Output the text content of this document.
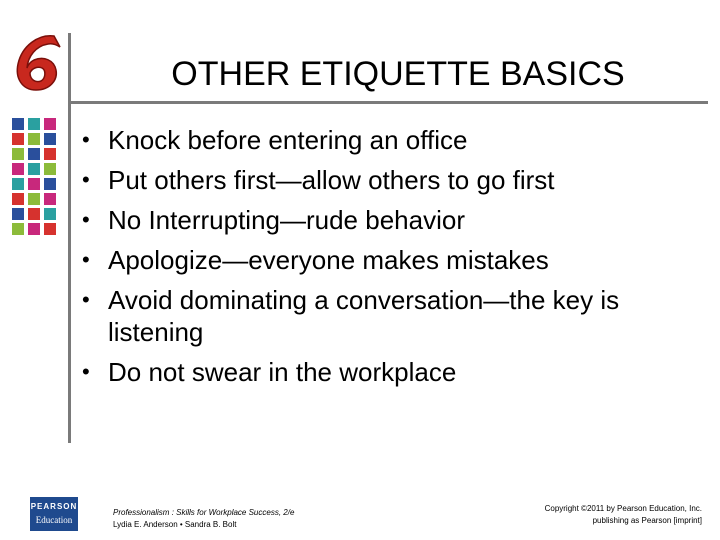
OTHER ETIQUETTE BASICS
• Knock before entering an office
• Put others first—allow others to go first
• No Interrupting—rude behavior
• Apologize—everyone makes mistakes
• Avoid dominating a conversation—the key is listening
• Do not swear in the workplace
PEARSON
Education
Professionalism : Skills for Workplace Success, 2/e
Lydia E. Anderson • Sandra B. Bolt
Copyright ©2011 by Pearson Education, Inc.
publishing as Pearson [imprint]
